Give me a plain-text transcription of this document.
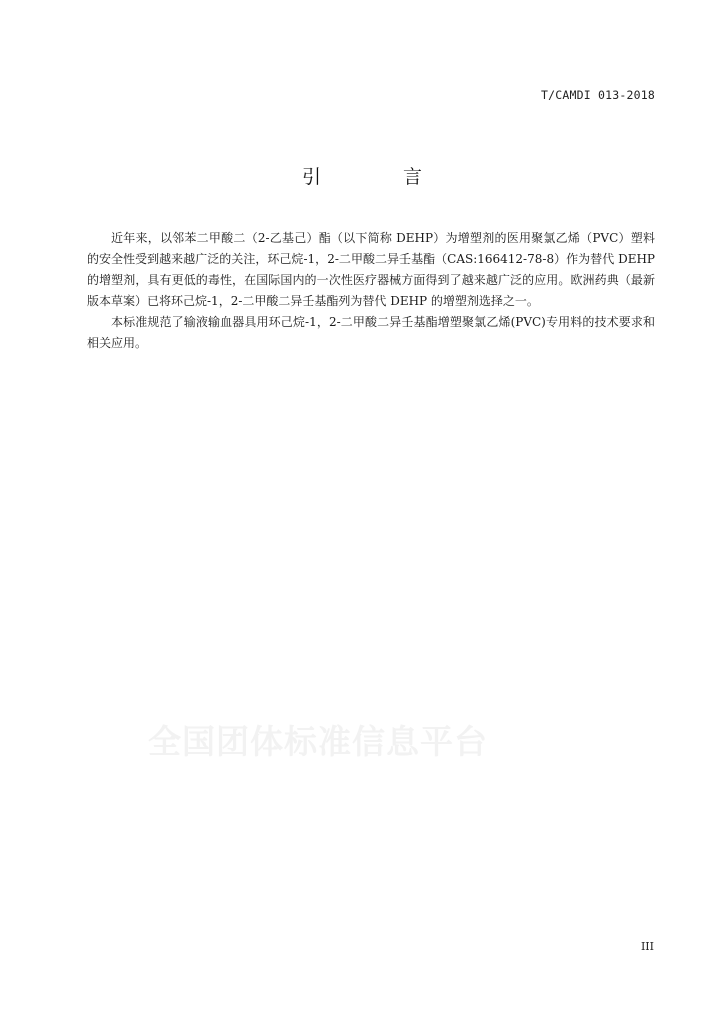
T/CAMDI 013-2018
引 言

近年来，以邻苯二甲酸二（2-乙基己）酯（以下简称 DEHP）为增塑剂的医用聚氯乙烯（PVC）塑料的安全性受到越来越广泛的关注，环己烷-1，2-二甲酸二异壬基酯（CAS:166412-78-8）作为替代 DEHP 的增塑剂，具有更低的毒性，在国际国内的一次性医疗器械方面得到了越来越广泛的应用。欧洲药典（最新版本草案）已将环己烷-1，2-二甲酸二异壬基酯列为替代 DEHP 的增塑剂选择之一。

本标准规范了输液输血器具用环己烷-1，2-二甲酸二异壬基酯增塑聚氯乙烯(PVC)专用料的技术要求和相关应用。

全国团体标准信息平台
III
